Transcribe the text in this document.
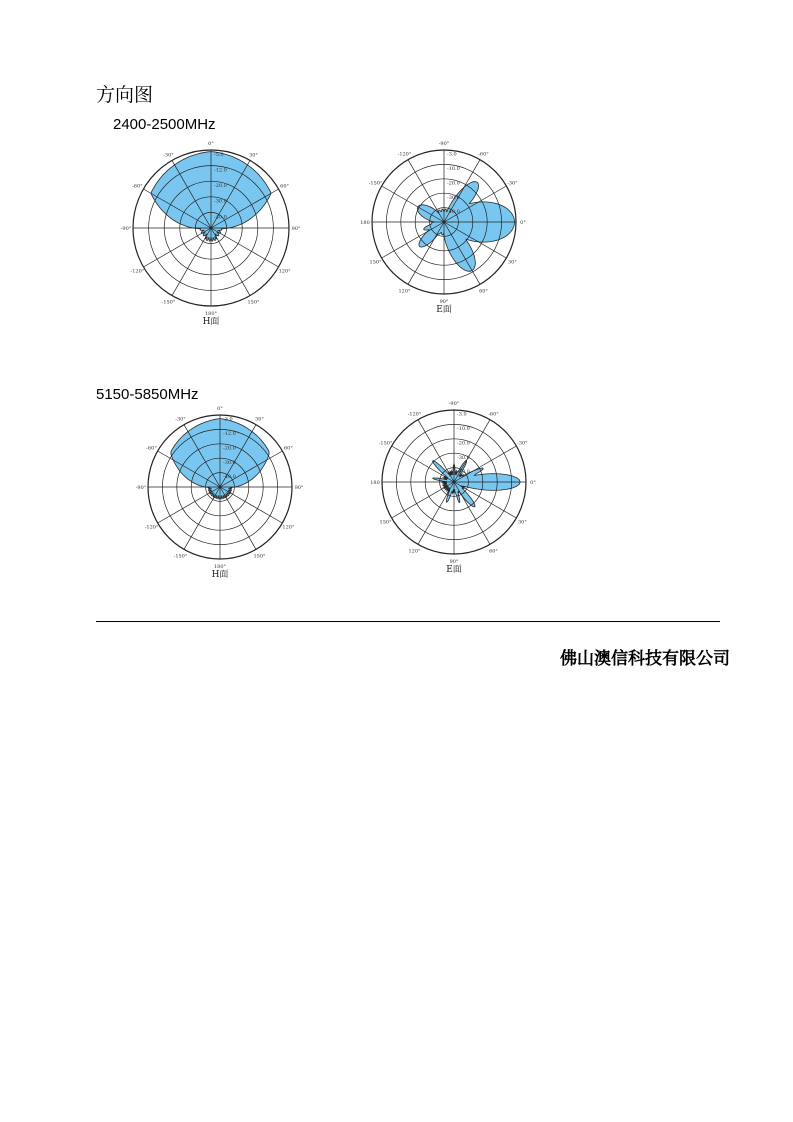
方向图
2400-2500MHz
5150-5850MHz
0°
30°
60°
90°
120°
150°
180°
-150°
-120°
-90°
-60°
-30°	-5.0
-12.0
-20.0
-30.0
-40.0
H面
-90°
-60°
-30°
0°
30°
60°
90°
120°
150°
180
-150°
-120°	-3.0
-10.0
-20.0
-30.0
-40.0
E面
0°
30°
60°
90°
120°
150°
180°
-150°
-120°
-90°
-60°
-30°	-3.0
-12.0
-20.0
-30.0
-40.0
H面
-90°
-60°
-30°
0°
30°
60°
90°
120°
150°
180
-150°
-120°	-3.0
-10.0
-20.0
-30.0
-40.0
E面
佛山澳信科技有限公司
